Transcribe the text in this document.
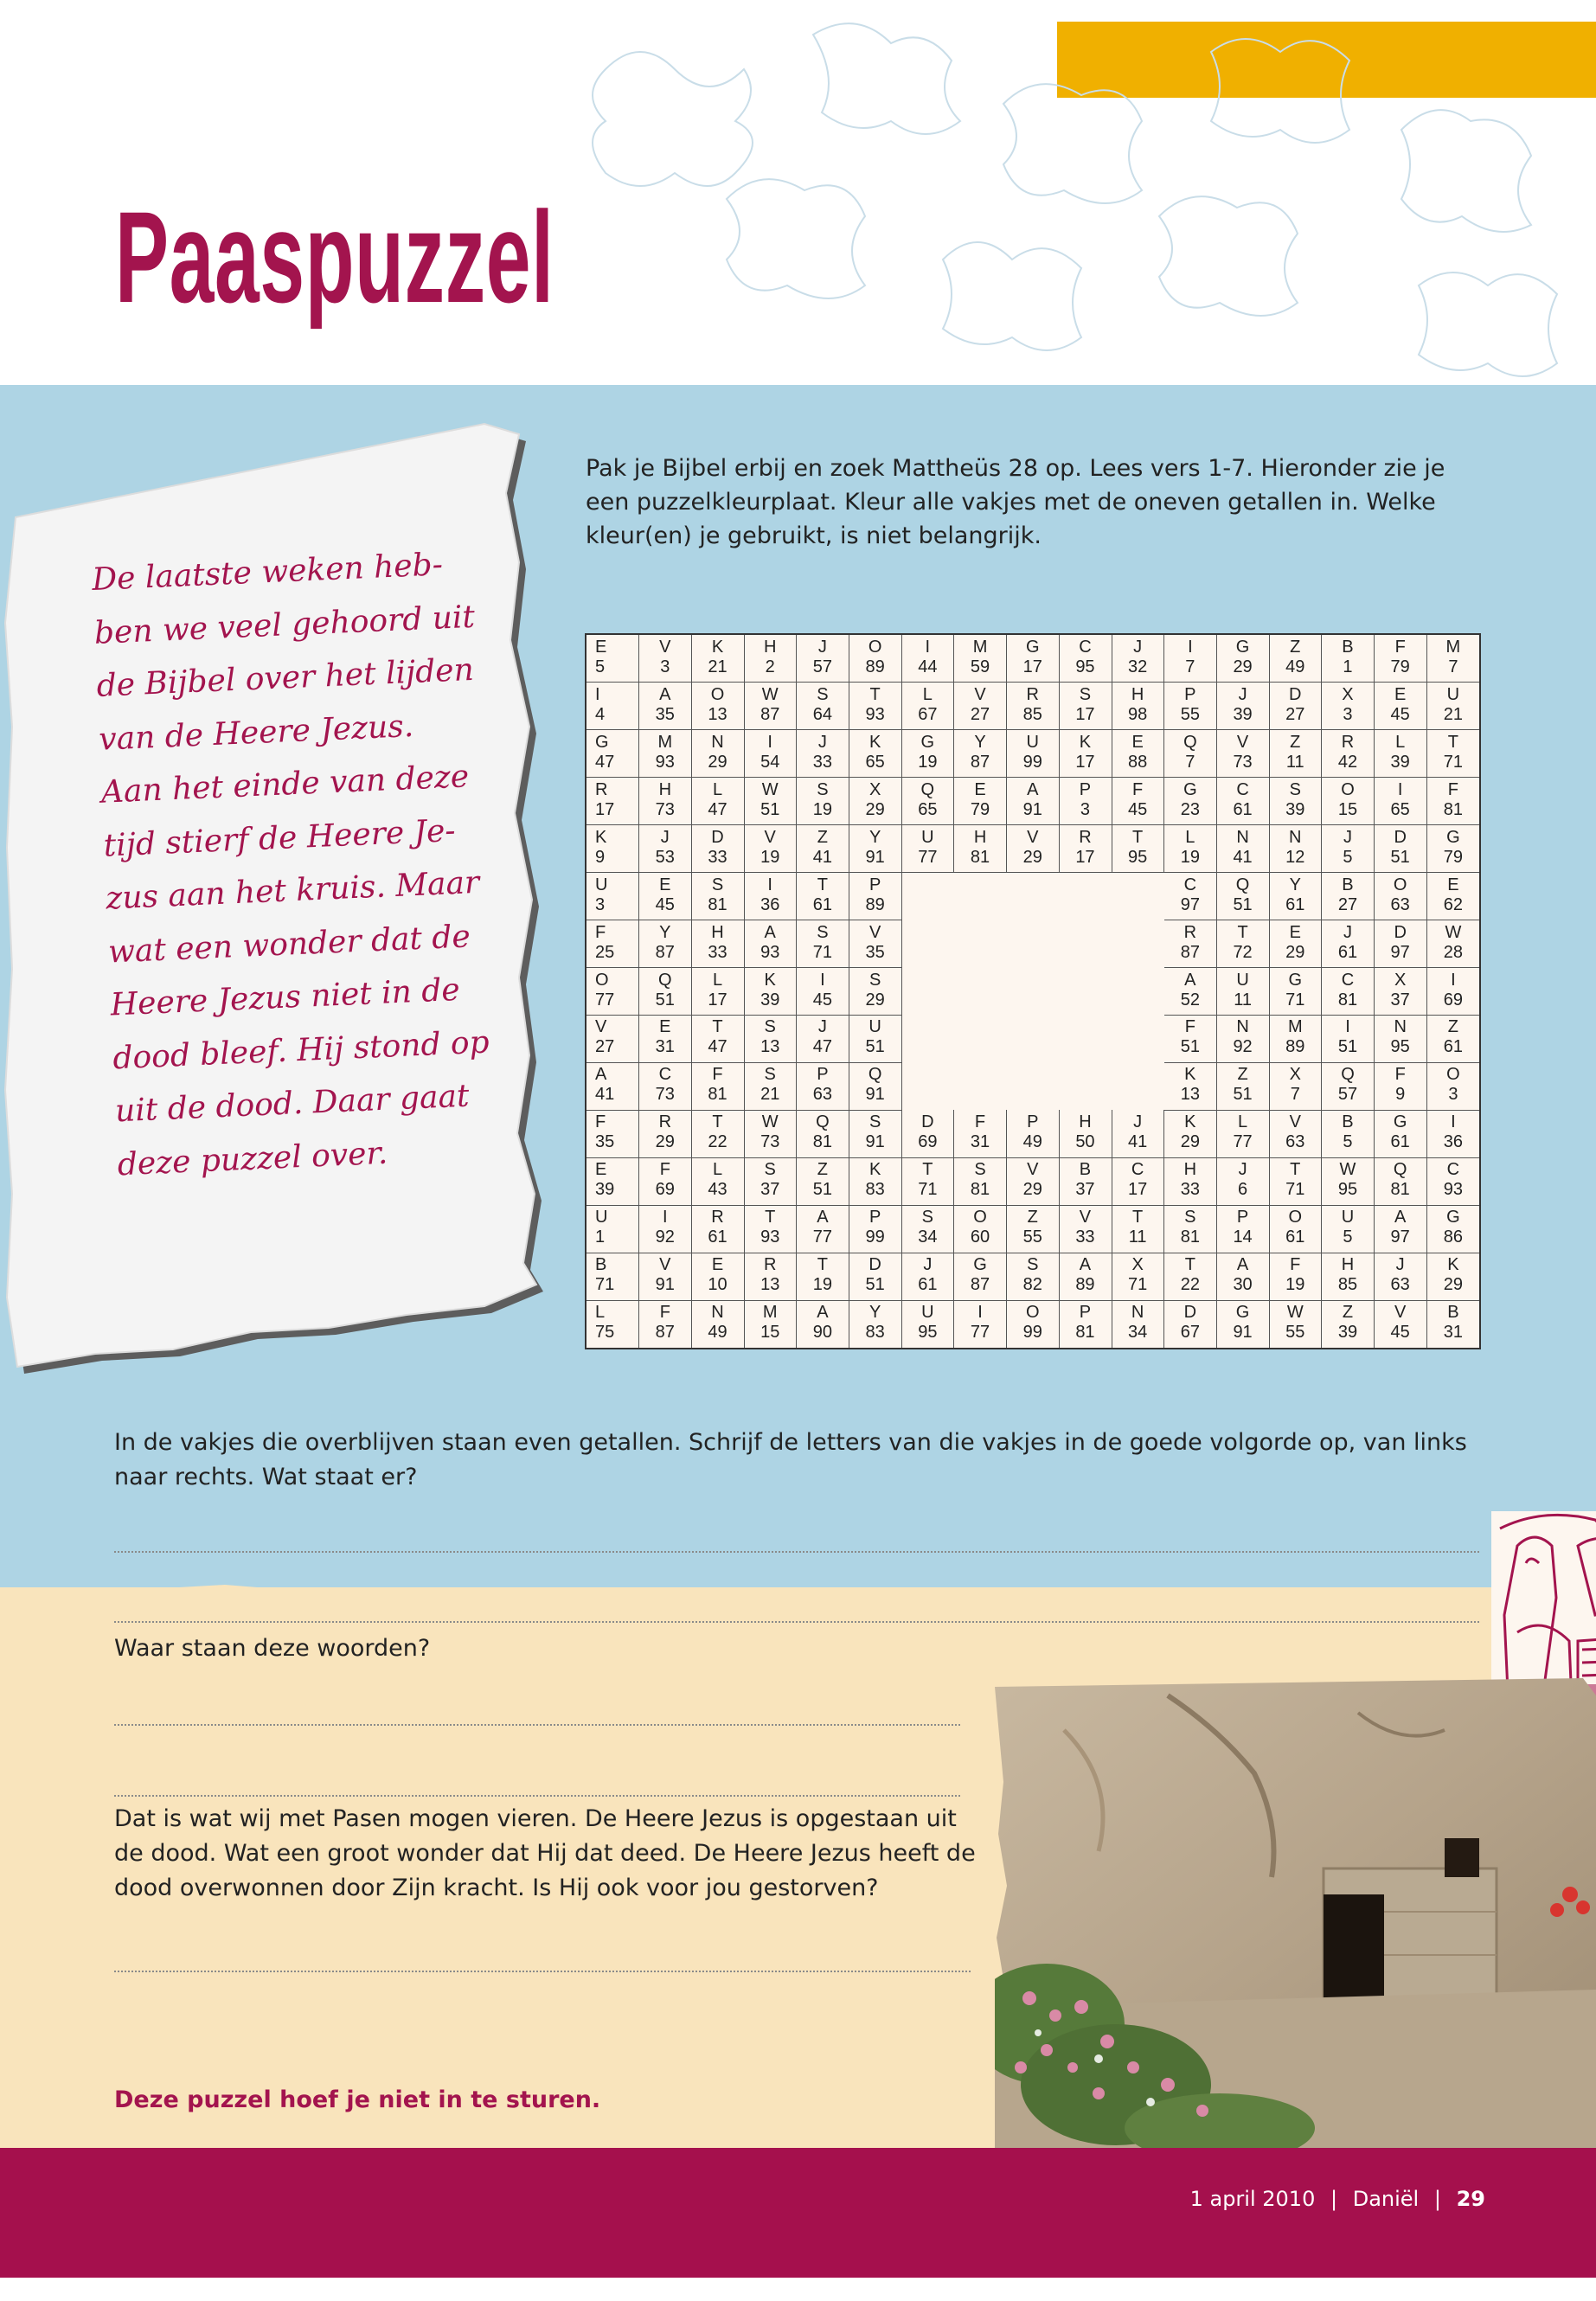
Paaspuzzel
De laatste weken heb-
ben we veel gehoord uit
de Bijbel over het lijden
van de Heere Jezus.
Aan het einde van deze
tijd stierf de Heere Je-
zus aan het kruis. Maar
wat een wonder dat de
Heere Jezus niet in de
dood bleef. Hij stond op
uit de dood. Daar gaat
deze puzzel over.
Pak je Bijbel erbij en zoek Mattheüs 28 op. Lees vers 1-7. Hieronder zie je een puzzelkleurplaat. Kleur alle vakjes met de oneven getallen in. Welke kleur(en) je gebruikt, is niet belangrijk.
E
5
V
3
K
21
H
2
J
57
O
89
I
44
M
59
G
17
C
95
J
32
I
7
G
29
Z
49
B
1
F
79
M
7
I
4
A
35
O
13
W
87
S
64
T
93
L
67
V
27
R
85
S
17
H
98
P
55
J
39
D
27
X
3
E
45
U
21
G
47
M
93
N
29
I
54
J
33
K
65
G
19
Y
87
U
99
K
17
E
88
Q
7
V
73
Z
11
R
42
L
39
T
71
R
17
H
73
L
47
W
51
S
19
X
29
Q
65
E
79
A
91
P
3
F
45
G
23
C
61
S
39
O
15
I
65
F
81
K
9
J
53
D
33
V
19
Z
41
Y
91
U
77
H
81
V
29
R
17
T
95
L
19
N
41
N
12
J
5
D
51
G
79
U
3
E
45
S
81
I
36
T
61
P
89
C
97
Q
51
Y
61
B
27
O
63
E
62
F
25
Y
87
H
33
A
93
S
71
V
35
R
87
T
72
E
29
J
61
D
97
W
28
O
77
Q
51
L
17
K
39
I
45
S
29
A
52
U
11
G
71
C
81
X
37
I
69
V
27
E
31
T
47
S
13
J
47
U
51
F
51
N
92
M
89
I
51
N
95
Z
61
A
41
C
73
F
81
S
21
P
63
Q
91
K
13
Z
51
X
7
Q
57
F
9
O
3
F
35
R
29
T
22
W
73
Q
81
S
91
D
69
F
31
P
49
H
50
J
41
K
29
L
77
V
63
B
5
G
61
I
36
E
39
F
69
L
43
S
37
Z
51
K
83
T
71
S
81
V
29
B
37
C
17
H
33
J
6
T
71
W
95
Q
81
C
93
U
1
I
92
R
61
T
93
A
77
P
99
S
34
O
60
Z
55
V
33
T
11
S
81
P
14
O
61
U
5
A
97
G
86
B
71
V
91
E
10
R
13
T
19
D
51
J
61
G
87
S
82
A
89
X
71
T
22
A
30
F
19
H
85
J
63
K
29
L
75
F
87
N
49
M
15
A
90
Y
83
U
95
I
77
O
99
P
81
N
34
D
67
G
91
W
55
Z
39
V
45
B
31
In de vakjes die overblijven staan even getallen. Schrijf de letters van die vakjes in de goede volgorde op, van links naar rechts. Wat staat er?
Waar staan deze woorden?
Dat is wat wij met Pasen mogen vieren. De Heere Jezus is opgestaan uit de dood. Wat een groot wonder dat Hij dat deed. De Heere Jezus heeft de dood overwonnen door Zijn kracht. Is Hij ook voor jou gestorven?
Deze puzzel hoef je niet in te sturen.
1 april 2010 | Daniël | 29
